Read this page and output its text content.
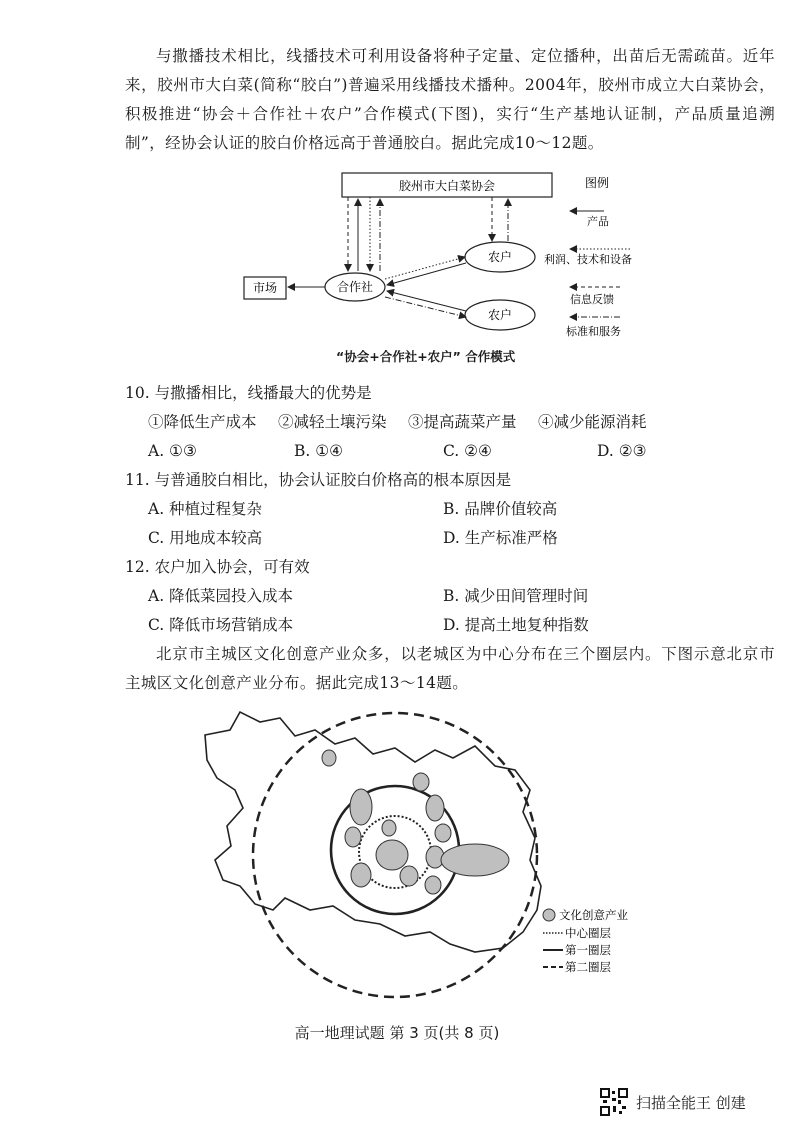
与撒播技术相比，线播技术可利用设备将种子定量、定位播种，出苗后无需疏苗。近年来，胶州市大白菜(简称“胶白”)普遍采用线播技术播种。2004年，胶州市成立大白菜协会，积极推进“协会＋合作社＋农户”合作模式(下图)，实行“生产基地认证制，产品质量追溯制”，经协会认证的胶白价格远高于普通胶白。据此完成10～12题。

胶州市大白菜协会
合作社
市场
农户
农户
图例
产品
利润、技术和设备
信息反馈
标准和服务
“协会+合作社+农户” 合作模式
10. 与撒播相比，线播最大的优势是
①降低生产成本 ②减轻土壤污染 ③提高蔬菜产量 ④减少能源消耗
A. ①③	B. ①④	C. ②④	D. ②③
11. 与普通胶白相比，协会认证胶白价格高的根本原因是
A. 种植过程复杂	B. 品牌价值较高
C. 用地成本较高	D. 生产标准严格
12. 农户加入协会，可有效
A. 降低菜园投入成本	B. 减少田间管理时间
C. 降低市场营销成本	D. 提高土地复种指数

北京市主城区文化创意产业众多，以老城区为中心分布在三个圈层内。下图示意北京市主城区文化创意产业分布。据此完成13～14题。

文化创意产业
中心圈层
第一圈层
第二圈层
高一地理试题 第 3 页(共 8 页)
扫描全能王 创建
